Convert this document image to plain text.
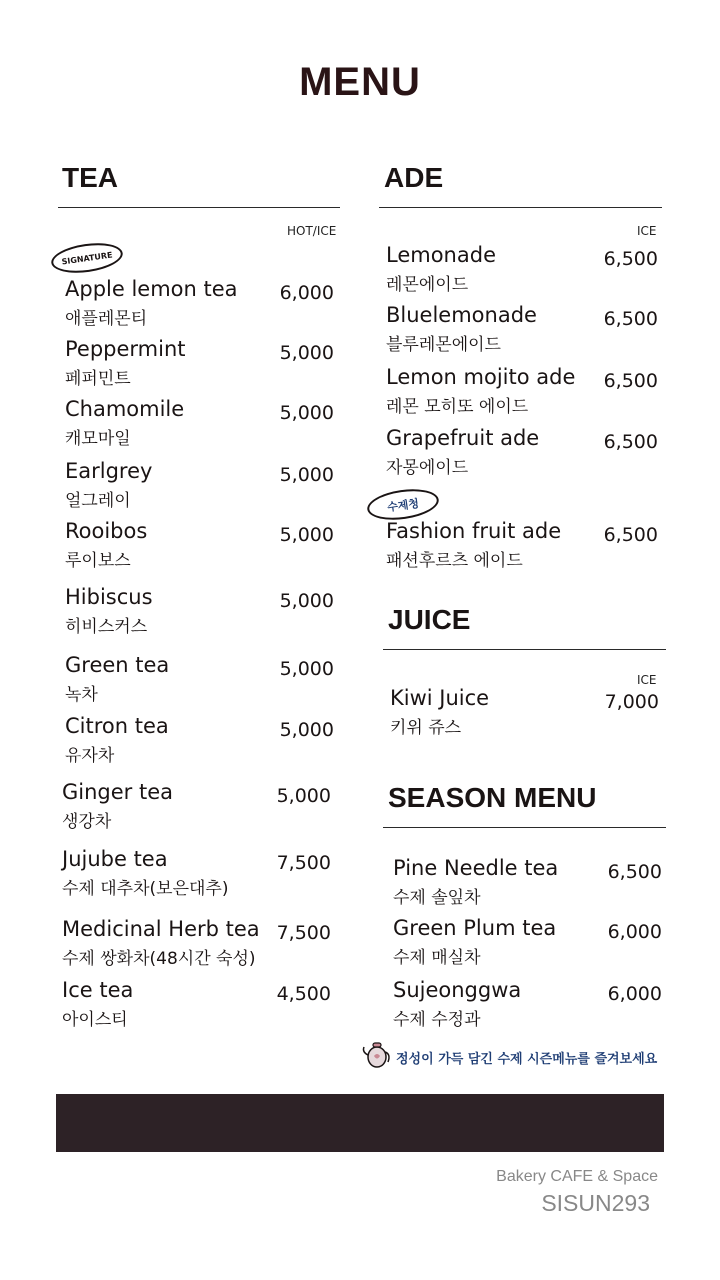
MENU
TEA
HOT/ICE
SIGNATURE
Apple lemon tea
애플레몬티
6,000
Peppermint
페퍼민트
5,000
Chamomile
캐모마일
5,000
Earlgrey
얼그레이
5,000
Rooibos
루이보스
5,000
Hibiscus
히비스커스
5,000
Green tea
녹차
5,000
Citron tea
유자차
5,000
Ginger tea
생강차
5,000
Jujube tea
수제 대추차(보은대추)
7,500
Medicinal Herb tea
수제 쌍화차(48시간 숙성)
7,500
Ice tea
아이스티
4,500
ADE
ICE
수제청
Lemonade
레몬에이드
6,500
Bluelemonade
블루레몬에이드
6,500
Lemon mojito ade
레몬 모히또 에이드
6,500
Grapefruit ade
자몽에이드
6,500
Fashion fruit ade
패션후르츠 에이드
6,500
JUICE
ICE
Kiwi Juice
키위 쥬스
7,000
SEASON MENU
Pine Needle tea
수제 솔잎차
6,500
Green Plum tea
수제 매실차
6,000
Sujeonggwa
수제 수정과
6,000
정성이 가득 담긴 수제 시즌메뉴를 즐겨보세요
Bakery CAFE & Space
SISUN293
